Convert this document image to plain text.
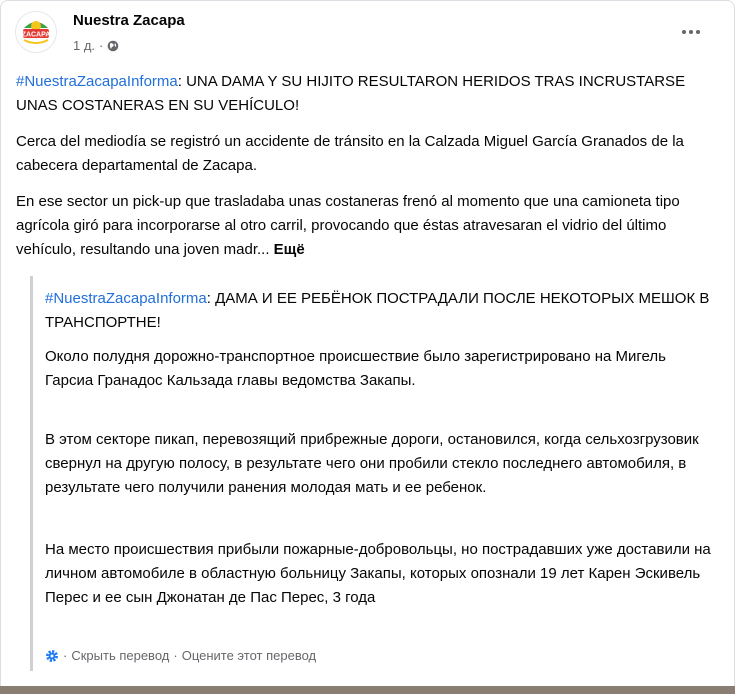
ZACAPA
Nuestra Zacapa
1 д. ·
#NuestraZacapaInforma: UNA DAMA Y SU HIJITO RESULTARON HERIDOS TRAS INCRUSTARSE UNAS COSTANERAS EN SU VEHÍCULO!
Cerca del mediodía se registró un accidente de tránsito en la Calzada Miguel García Granados de la cabecera departamental de Zacapa.
En ese sector un pick-up que trasladaba unas costaneras frenó al momento que una camioneta tipo agrícola giró para incorporarse al otro carril, provocando que éstas atravesaran el vidrio del último vehículo, resultando una joven madr... Ещё
#NuestraZacapaInforma: ДАМА И ЕЕ РЕБЁНОК ПОСТРАДАЛИ ПОСЛЕ НЕКОТОРЫХ МЕШОК В ТРАНСПОРТНЕ!
Около полудня дорожно-транспортное происшествие было зарегистрировано на Мигель Гарсиа Гранадос Кальзада главы ведомства Закапы.
В этом секторе пикап, перевозящий прибрежные дороги, остановился, когда сельхозгрузовик свернул на другую полосу, в результате чего они пробили стекло последнего автомобиля, в результате чего получили ранения молодая мать и ее ребенок.
На место происшествия прибыли пожарные-добровольцы, но пострадавших уже доставили на личном автомобиле в областную больницу Закапы, которых опознали 19 лет Карен Эскивель Перес и ее сын Джонатан де Пас Перес, 3 года
· Скрыть перевод · Оцените этот перевод
